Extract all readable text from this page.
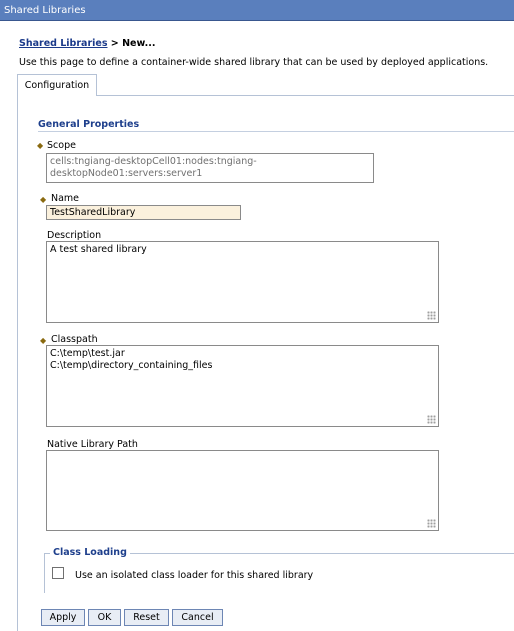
Shared Libraries
Shared Libraries > New...
Use this page to define a container-wide shared library that can be used by deployed applications.
Configuration
General Properties
◆ Scope
cells:tngiang-desktopCell01:nodes:tngiang-
desktopNode01:servers:server1
◆ Name
TestSharedLibrary
Description
A test shared library
◆ Classpath
C:\temp\test.jar
C:\temp\directory_containing_files
Native Library Path
Class Loading
Use an isolated class loader for this shared library
Apply	OK	Reset	Cancel
